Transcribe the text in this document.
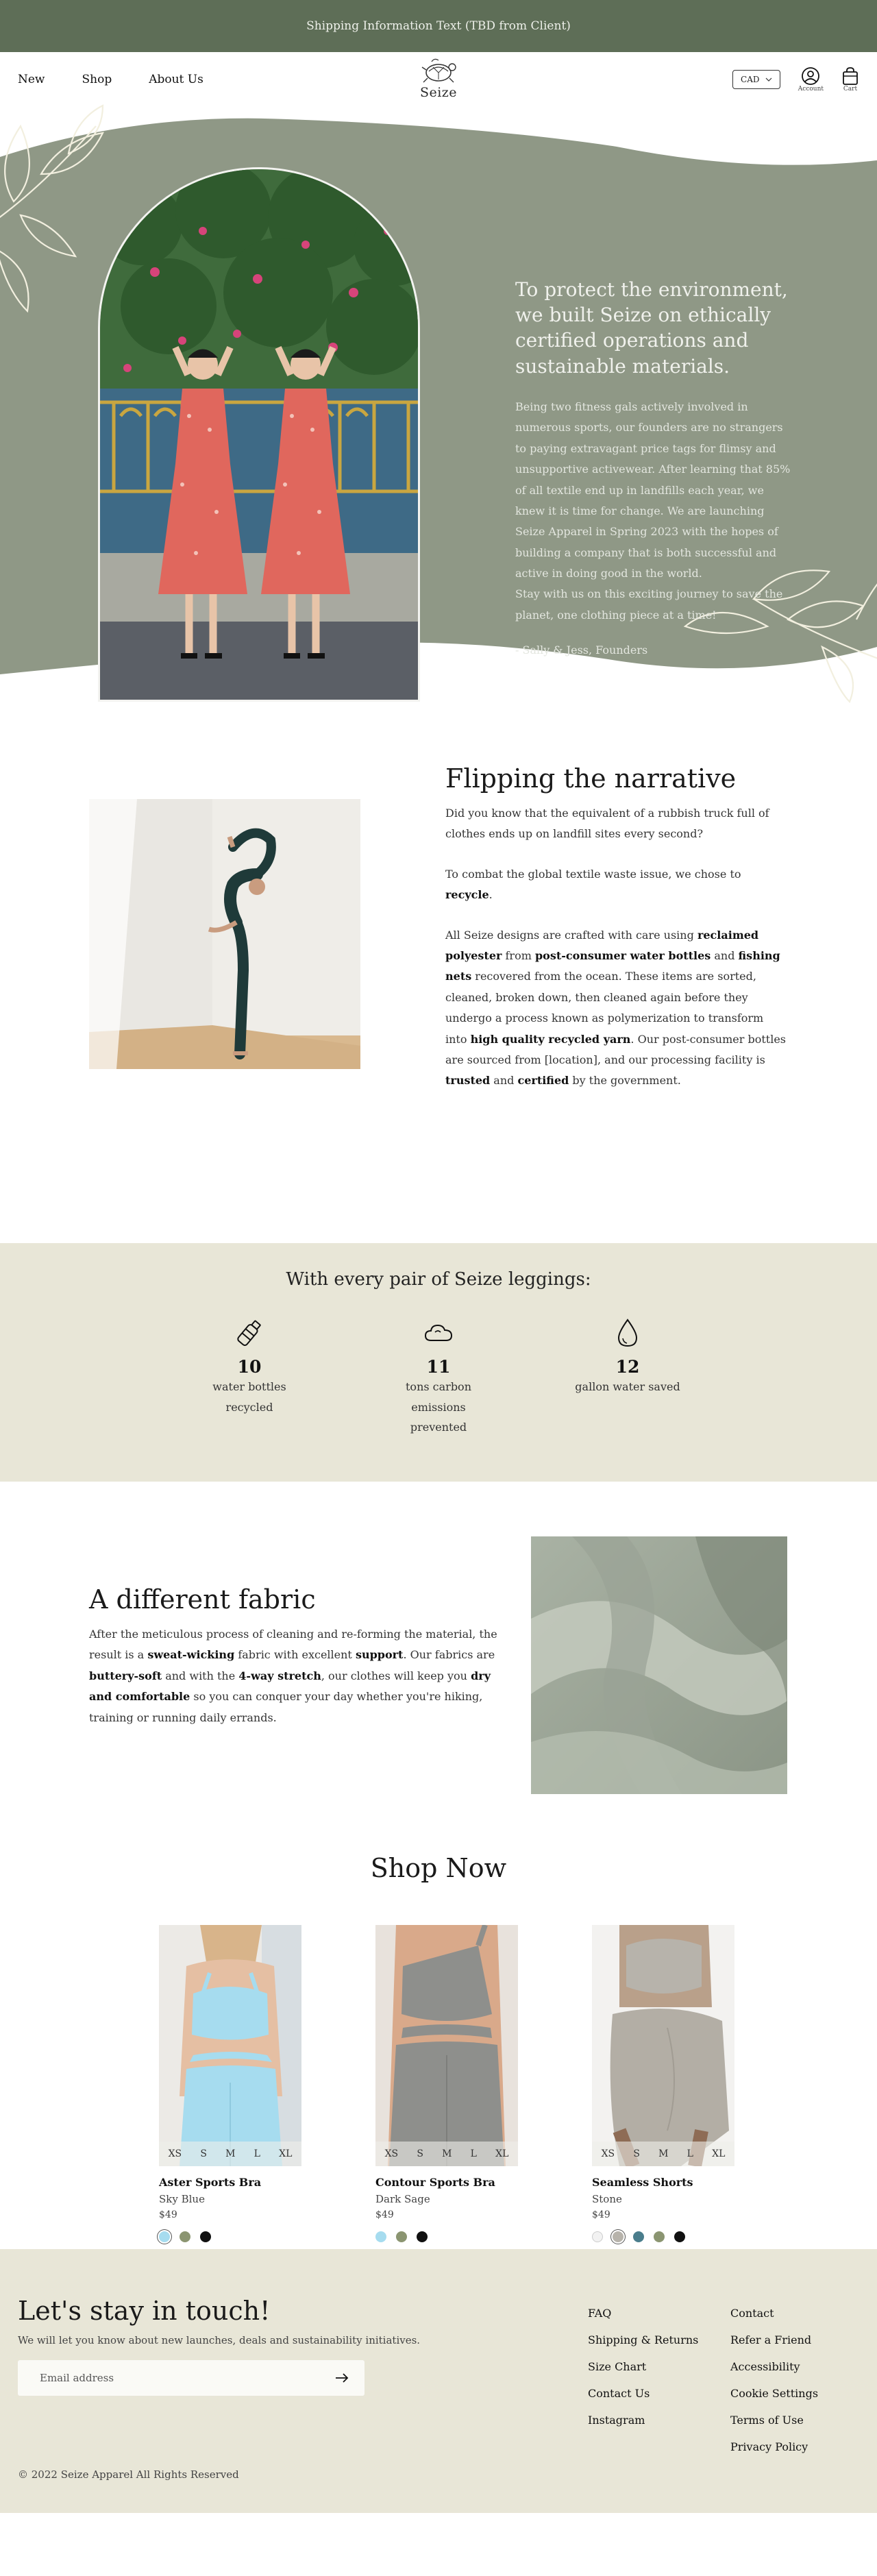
Shipping Information Text (TBD from Client)
New	Shop	About Us
Seize
CAD
Account	Cart
To protect the environment, we built Seize on ethically certified operations and sustainable materials.
Being two fitness gals actively involved in numerous sports, our founders are no strangers to paying extravagant price tags for flimsy and unsupportive activewear. After learning that 85% of all textile end up in landfills each year, we knew it is time for change. We are launching Seize Apparel in Spring 2023 with the hopes of building a company that is both successful and active in doing good in the world.
Stay with us on this exciting journey to save the planet, one clothing piece at a time!
- Sally & Jess, Founders
Flipping the narrative

Did you know that the equivalent of a rubbish truck full of clothes ends up on landfill sites every second?

To combat the global textile waste issue, we chose to recycle.

All Seize designs are crafted with care using reclaimed polyester from post-consumer water bottles and fishing nets recovered from the ocean. These items are sorted, cleaned, broken down, then cleaned again before they undergo a process known as polymerization to transform into high quality recycled yarn. Our post-consumer bottles are sourced from [location], and our processing facility is trusted and certified by the government.

With every pair of Seize leggings:
10
water bottles recycled
11
tons carbon emissions prevented
12
gallon water saved
A different fabric

After the meticulous process of cleaning and re-forming the material, the result is a sweat-wicking fabric with excellent support. Our fabrics are buttery-soft and with the 4-way stretch, our clothes will keep you dry and comfortable so you can conquer your day whether you're hiking, training or running daily errands.

Shop Now
XS S M L XL
Aster Sports Bra
Sky Blue
$49
XS S M L XL
Contour Sports Bra
Dark Sage
$49
XS S M L XL
Seamless Shorts
Stone
$49
Let's stay in touch!
We will let you know about new launches, deals and sustainability initiatives.
Email address
© 2022 Seize Apparel All Rights Reserved
FAQ
Shipping & Returns
Size Chart
Contact Us
Instagram
Contact
Refer a Friend
Accessibility
Cookie Settings
Terms of Use
Privacy Policy
